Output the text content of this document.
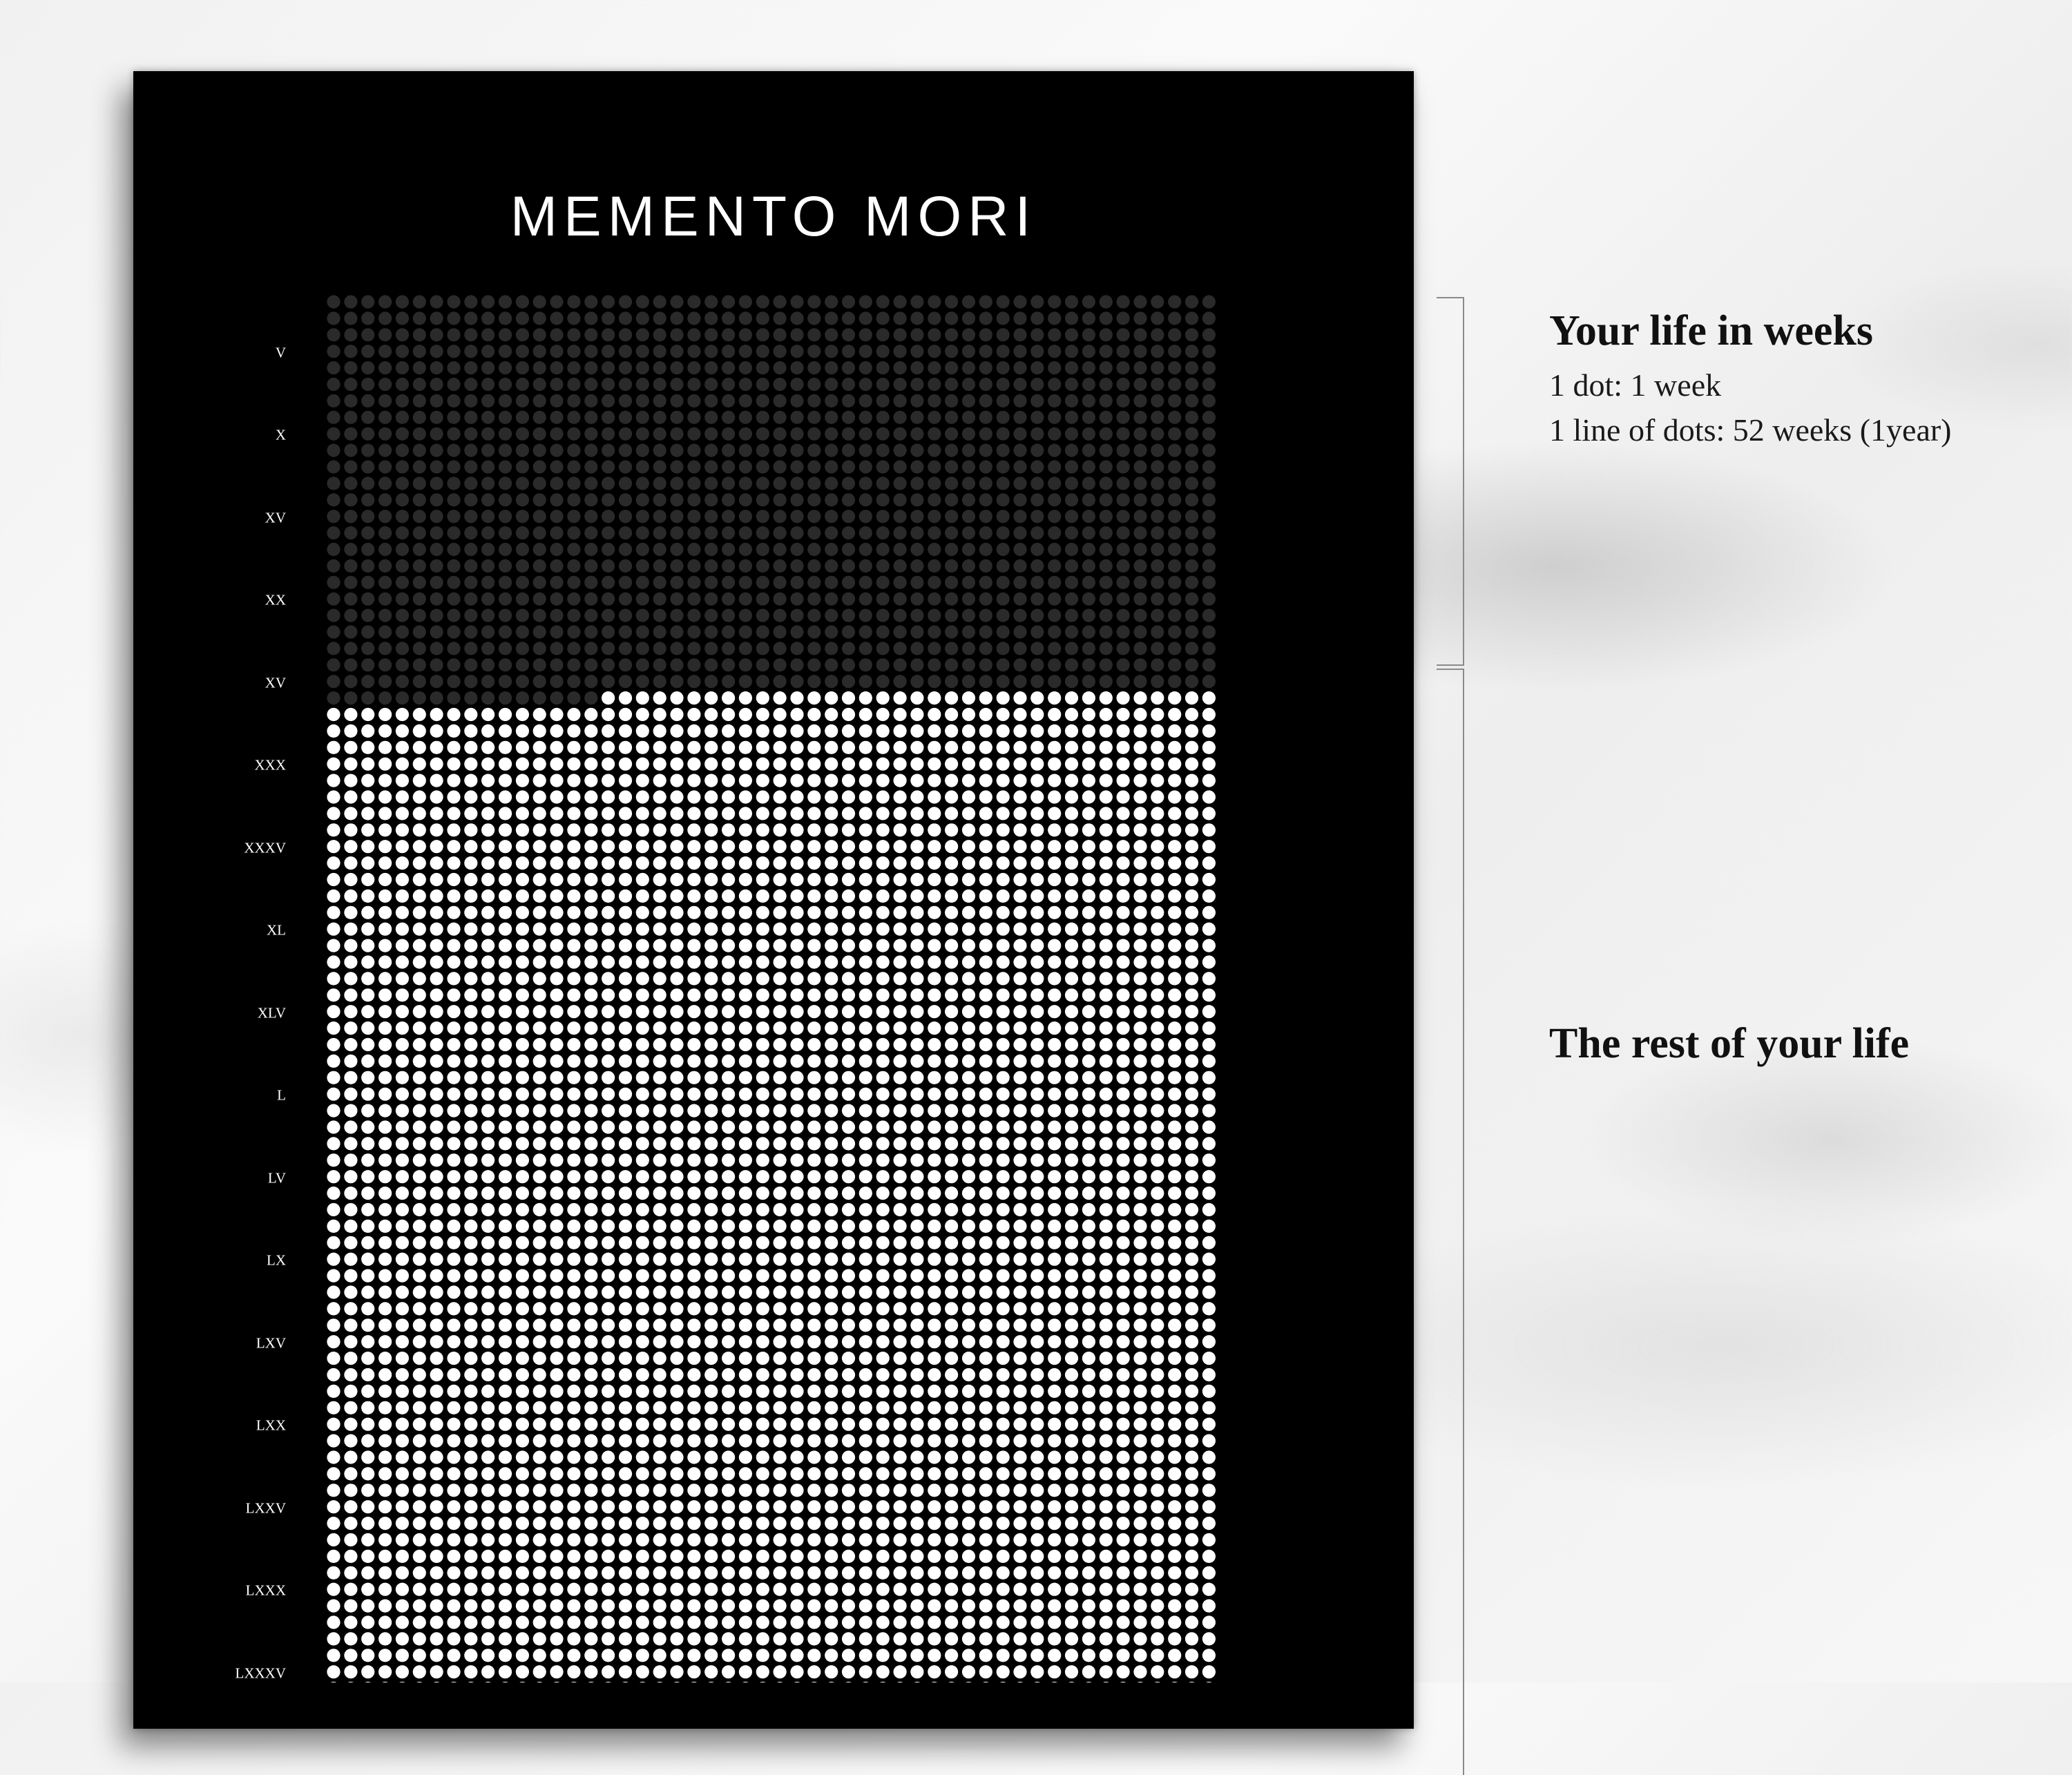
MEMENTO MORI
V
X
XV
XX
XV
XXX
XXXV
XL
XLV
L
LV
LX
LXV
LXX
LXXV
LXXX
LXXXV
Your life in weeks
1 dot: 1 week
1 line of dots: 52 weeks (1year)
The rest of your life
